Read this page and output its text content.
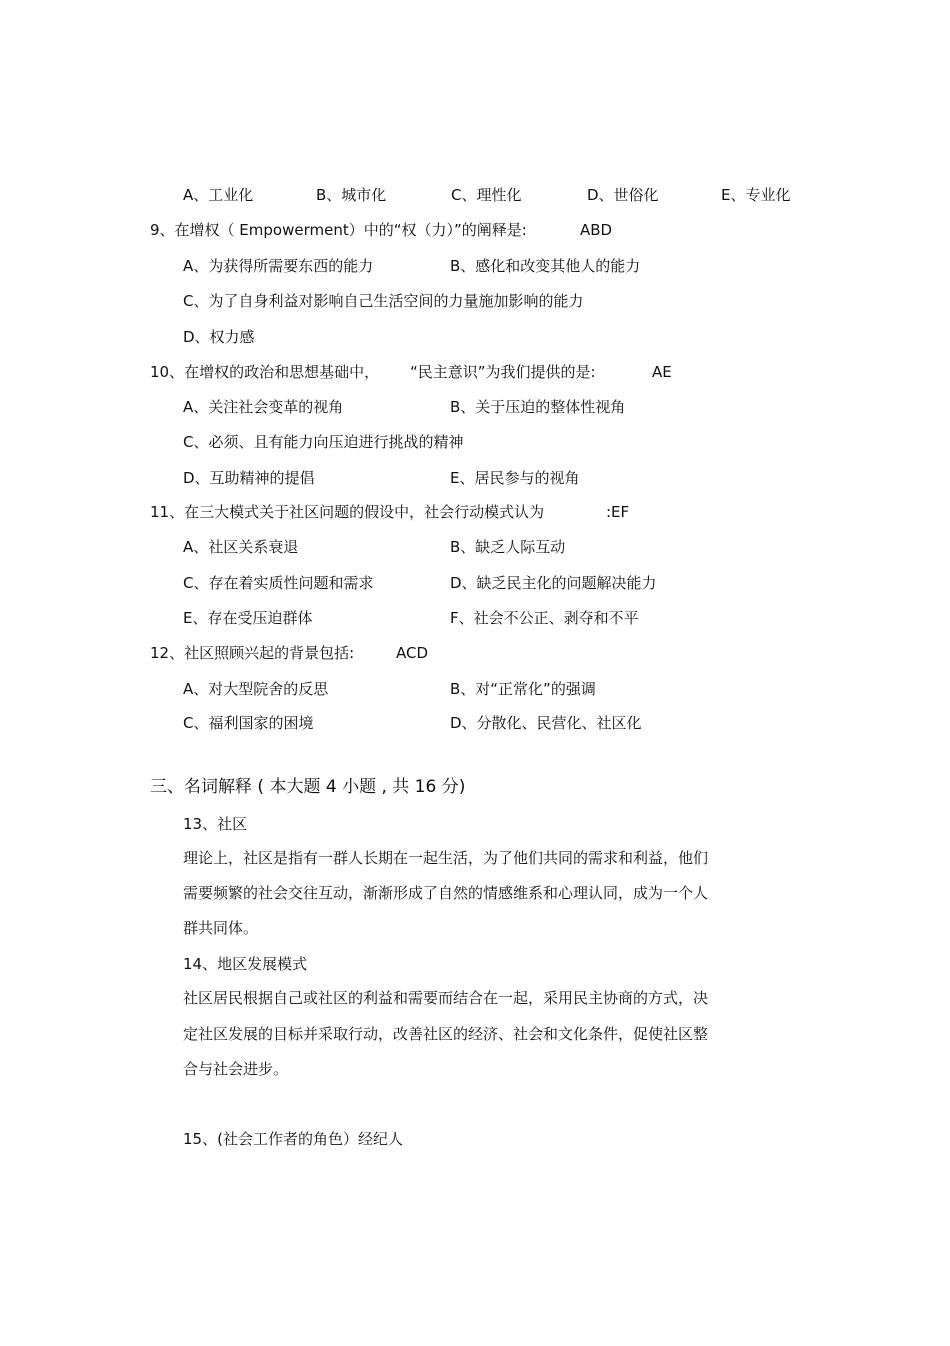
A、工业化	B、城市化	C、理性化	D、世俗化	E、专业化
9、在增权（ Empowerment）中的“权（力）”的阐释是:	ABD
A、为获得所需要东西的能力	B、感化和改变其他人的能力
C、为了自身利益对影响自己生活空间的力量施加影响的能力
D、权力感
10、在增权的政治和思想基础中， “民主意识”为我们提供的是:	AE
A、关注社会变革的视角	B、关于压迫的整体性视角
C、必须、且有能力向压迫进行挑战的精神
D、互助精神的提倡	E、居民参与的视角
11、在三大模式关于社区问题的假设中，社会行动模式认为	:EF
A、社区关系衰退	B、缺乏人际互动
C、存在着实质性问题和需求	D、缺乏民主化的问题解决能力
E、存在受压迫群体	F、社会不公正、剥夺和不平
12、社区照顾兴起的背景包括:	ACD
A、对大型院舍的反思	B、对“正常化”的强调
C、福利国家的困境	D、分散化、民营化、社区化
三、名词解释 ( 本大题 4 小题 , 共 16 分)
13、社区
理论上，社区是指有一群人长期在一起生活，为了他们共同的需求和利益，他们
需要频繁的社会交往互动，渐渐形成了自然的情感维系和心理认同，成为一个人
群共同体。
14、地区发展模式
社区居民根据自己或社区的利益和需要而结合在一起，采用民主协商的方式，决
定社区发展的目标并采取行动，改善社区的经济、社会和文化条件，促使社区整
合与社会进步。
15、(社会工作者的角色）经纪人
